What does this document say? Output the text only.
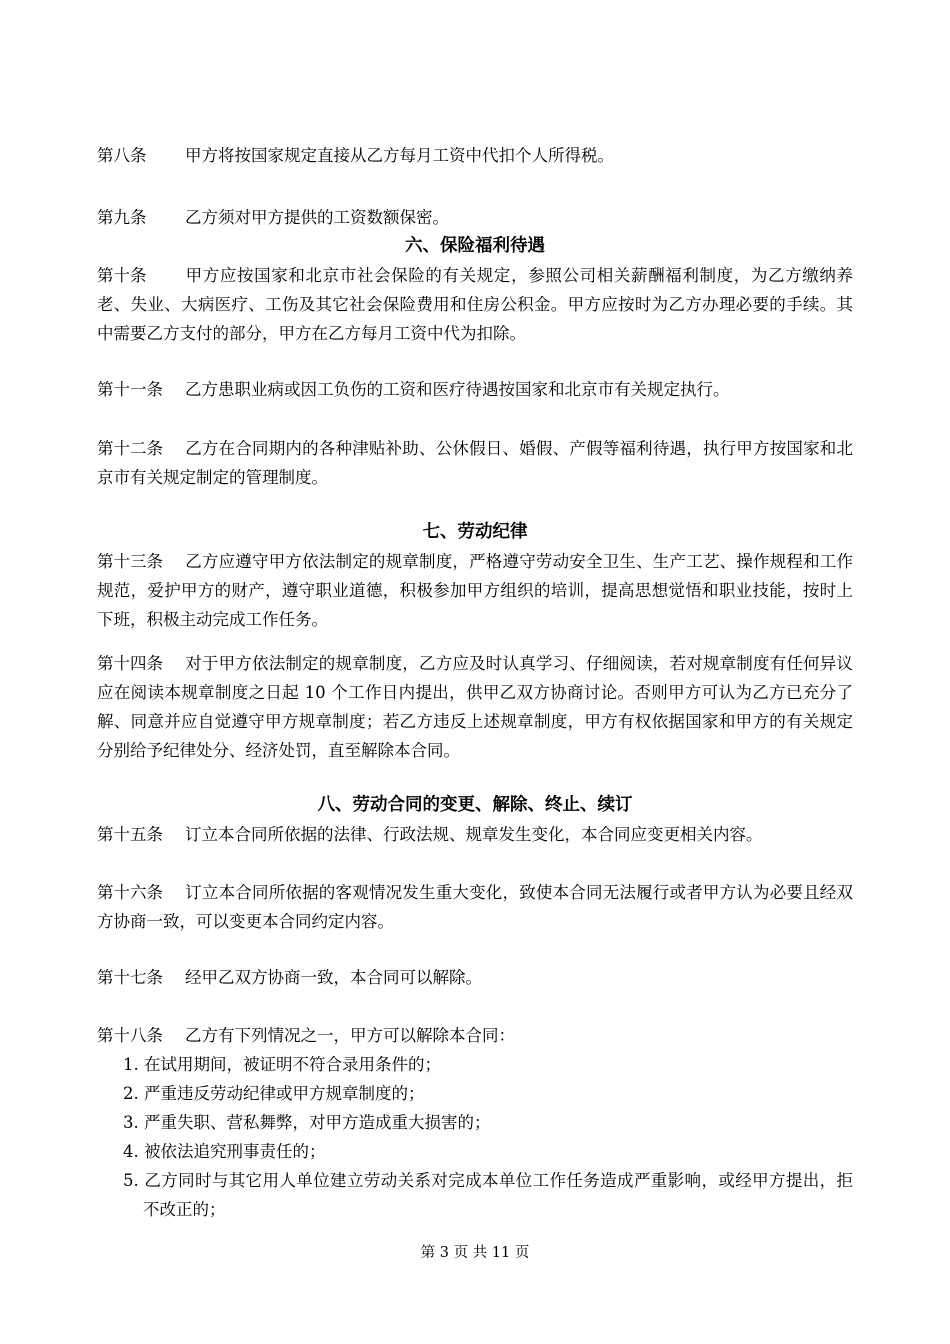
第八条 甲方将按国家规定直接从乙方每月工资中代扣个人所得税。

第九条 乙方须对甲方提供的工资数额保密。

六、保险福利待遇

第十条 甲方应按国家和北京市社会保险的有关规定，参照公司相关薪酬福利制度，为乙方缴纳养老、失业、大病医疗、工伤及其它社会保险费用和住房公积金。甲方应按时为乙方办理必要的手续。其中需要乙方支付的部分，甲方在乙方每月工资中代为扣除。

第十一条 乙方患职业病或因工负伤的工资和医疗待遇按国家和北京市有关规定执行。

第十二条 乙方在合同期内的各种津贴补助、公休假日、婚假、产假等福利待遇，执行甲方按国家和北京市有关规定制定的管理制度。

七、劳动纪律

第十三条 乙方应遵守甲方依法制定的规章制度，严格遵守劳动安全卫生、生产工艺、操作规程和工作规范，爱护甲方的财产，遵守职业道德，积极参加甲方组织的培训，提高思想觉悟和职业技能，按时上下班，积极主动完成工作任务。

第十四条 对于甲方依法制定的规章制度，乙方应及时认真学习、仔细阅读，若对规章制度有任何异议应在阅读本规章制度之日起 10 个工作日内提出，供甲乙双方协商讨论。否则甲方可认为乙方已充分了解、同意并应自觉遵守甲方规章制度；若乙方违反上述规章制度，甲方有权依据国家和甲方的有关规定分别给予纪律处分、经济处罚，直至解除本合同。

八、劳动合同的变更、解除、终止、续订

第十五条 订立本合同所依据的法律、行政法规、规章发生变化，本合同应变更相关内容。

第十六条 订立本合同所依据的客观情况发生重大变化，致使本合同无法履行或者甲方认为必要且经双方协商一致，可以变更本合同约定内容。

第十七条 经甲乙双方协商一致，本合同可以解除。

第十八条 乙方有下列情况之一，甲方可以解除本合同：

1. 在试用期间，被证明不符合录用条件的；
2. 严重违反劳动纪律或甲方规章制度的；
3. 严重失职、营私舞弊，对甲方造成重大损害的；
4. 被依法追究刑事责任的；
5. 乙方同时与其它用人单位建立劳动关系对完成本单位工作任务造成严重影响，或经甲方提出，拒不改正的；
第 3 页 共 11 页
